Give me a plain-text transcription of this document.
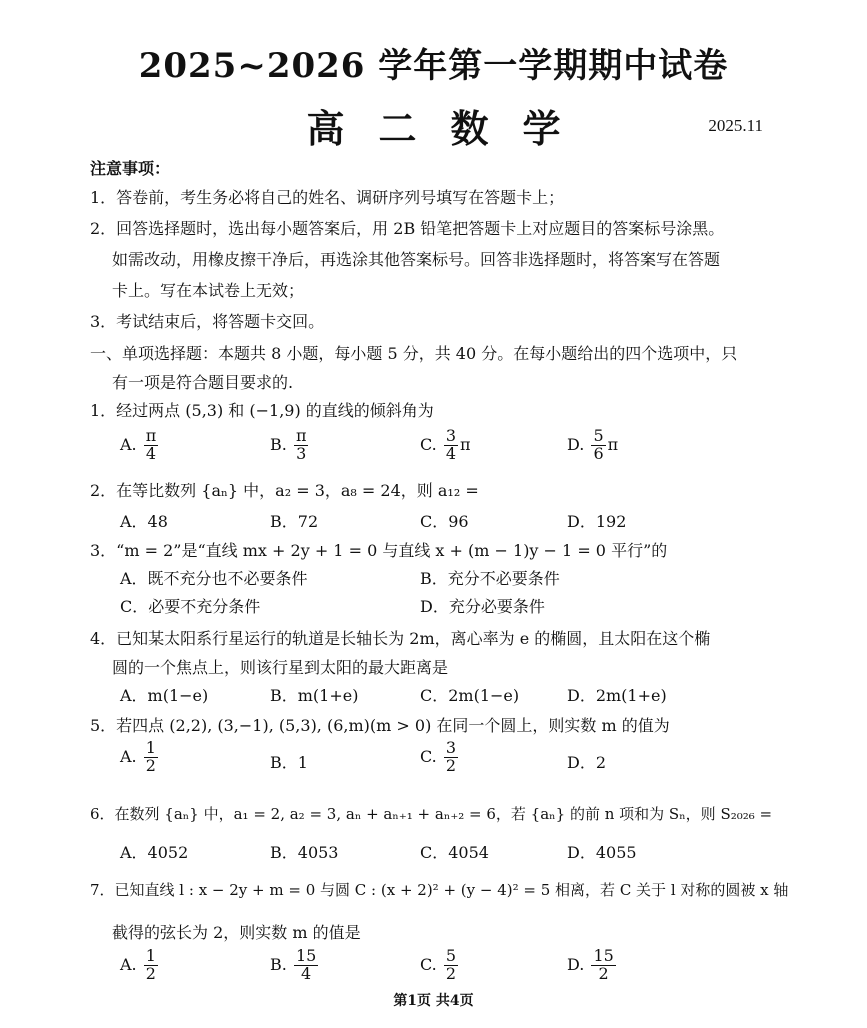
2025~2026 学年第一学期期中试卷
高二数学	2025.11
注意事项：
1．答卷前，考生务必将自己的姓名、调研序列号填写在答题卡上；
2．回答选择题时，选出每小题答案后，用 2B 铅笔把答题卡上对应题目的答案标号涂黑。
如需改动，用橡皮擦干净后，再选涂其他答案标号。回答非选择题时，将答案写在答题
卡上。写在本试卷上无效；
3．考试结束后，将答题卡交回。
一、单项选择题：本题共 8 小题，每小题 5 分，共 40 分。在每小题给出的四个选项中，只
有一项是符合题目要求的.
1．经过两点 (5,3) 和 (−1,9) 的直线的倾斜角为
A. $\frac{\pi}{4}$	B. $\frac{\pi}{3}$	C. $\frac{3}{4}$ π	D. $\frac{5}{6}$ π
2．在等比数列 {aₙ} 中，a₂ = 3，a₈ = 24，则 a₁₂ =
A．48	B．72	C．96	D．192
3．“m = 2”是“直线 mx + 2y + 1 = 0 与直线 x + (m − 1)y − 1 = 0 平行”的
A．既不充分也不必要条件	B．充分不必要条件
C．必要不充分条件	D．充分必要条件
4．已知某太阳系行星运行的轨道是长轴长为 2m，离心率为 e 的椭圆，且太阳在这个椭
圆的一个焦点上，则该行星到太阳的最大距离是
A．m(1−e)	B．m(1+e)	C．2m(1−e)	D．2m(1+e)
5．若四点 (2,2), (3,−1), (5,3), (6,m)(m > 0) 在同一个圆上，则实数 m 的值为
A. $\frac{1}{2}$	B．1	C. $\frac{3}{2}$	D．2
6．在数列 {aₙ} 中，a₁ = 2, a₂ = 3, aₙ + aₙ₊₁ + aₙ₊₂ = 6，若 {aₙ} 的前 n 项和为 Sₙ，则 S₂₀₂₆ =
A．4052	B．4053	C．4054	D．4055
7．已知直线 l : x − 2y + m = 0 与圆 C : (x + 2)² + (y − 4)² = 5 相离，若 C 关于 l 对称的圆被 x 轴
截得的弦长为 2，则实数 m 的值是
A. $\frac{1}{2}$	B. $\frac{15}{4}$	C. $\frac{5}{2}$	D. $\frac{15}{2}$
第1页 共4页
